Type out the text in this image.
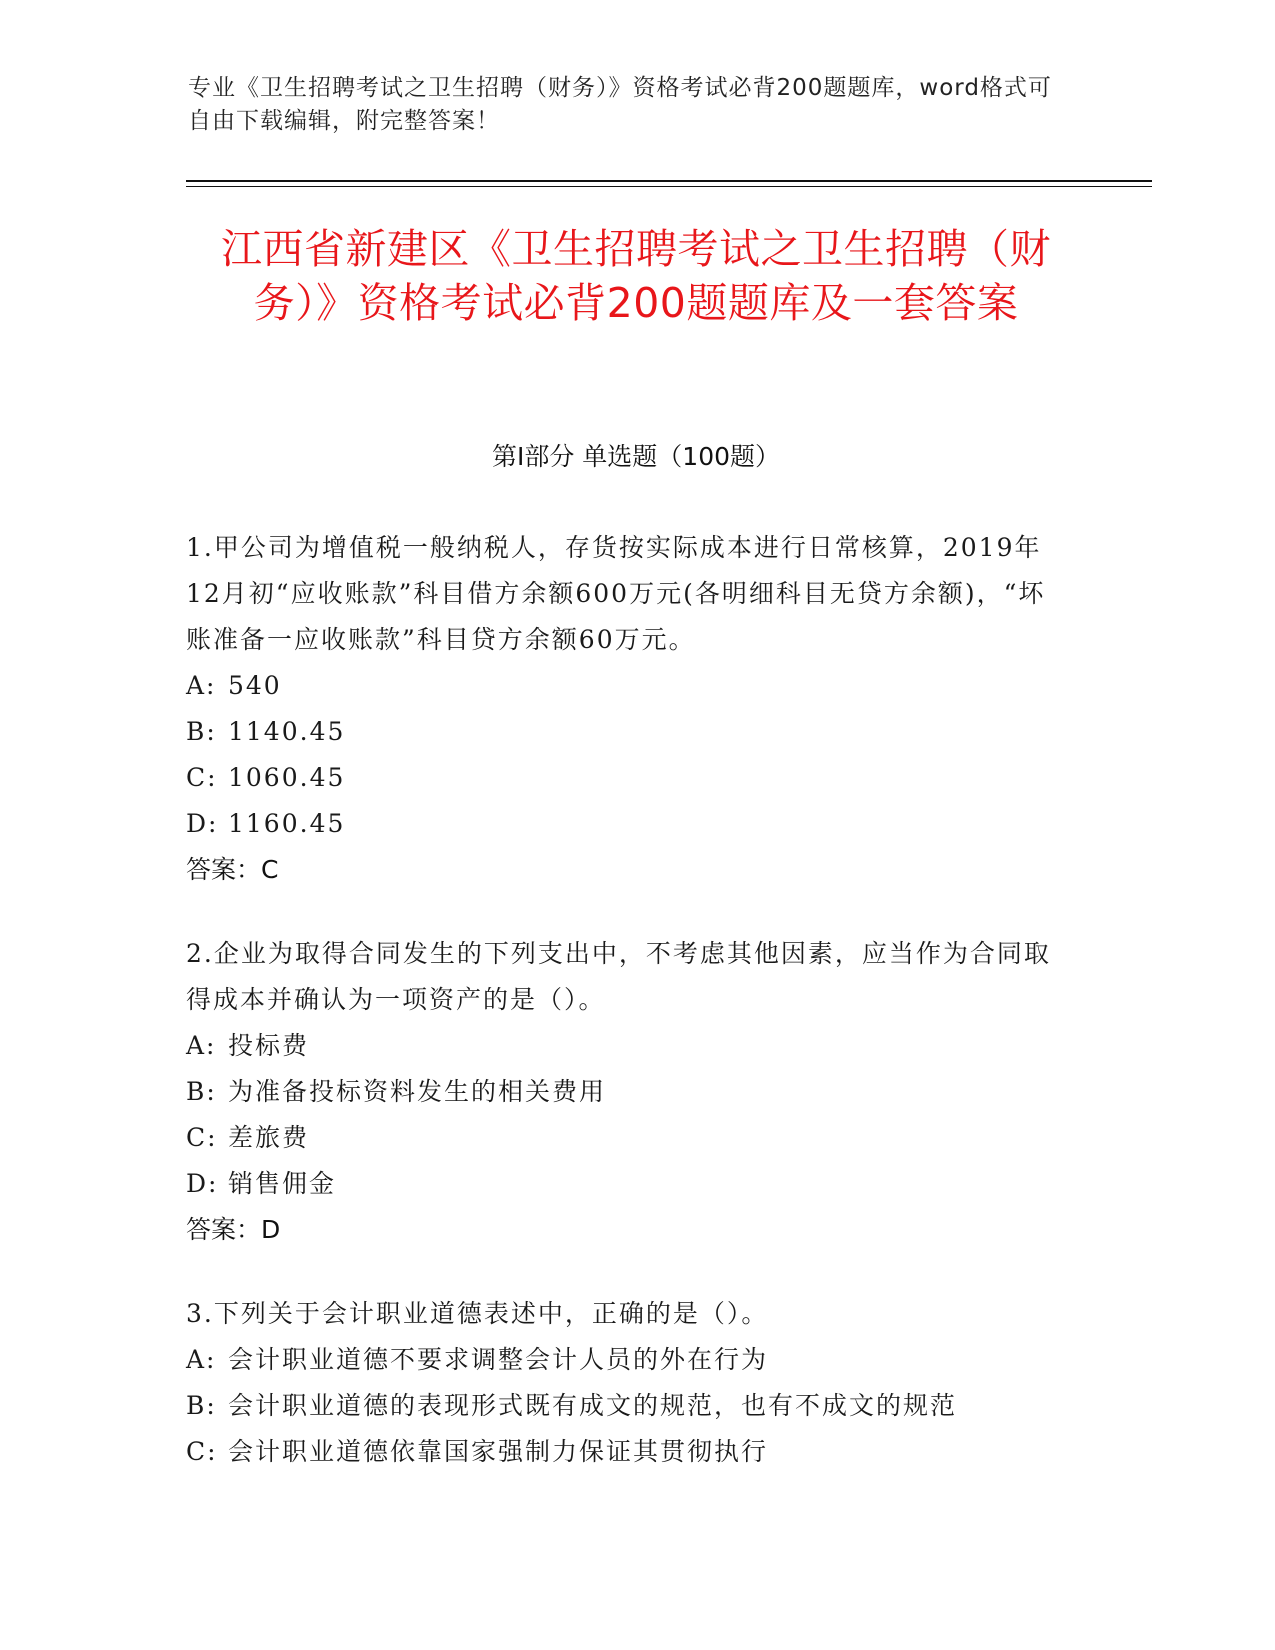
专业《卫生招聘考试之卫生招聘（财务）》资格考试必背200题题库，word格式可自由下载编辑，附完整答案！
江西省新建区《卫生招聘考试之卫生招聘（财务）》资格考试必背200题题库及一套答案
第Ⅰ部分 单选题（100题）
1.甲公司为增值税一般纳税人，存货按实际成本进行日常核算，2019年12月初“应收账款”科目借方余额600万元(各明细科目无贷方余额)，“坏账准备一应收账款”科目贷方余额60万元。
A: 540
B: 1140.45
C: 1060.45
D: 1160.45
答案：C
2.企业为取得合同发生的下列支出中，不考虑其他因素，应当作为合同取得成本并确认为一项资产的是（）。
A: 投标费
B: 为准备投标资料发生的相关费用
C: 差旅费
D: 销售佣金
答案：D
3.下列关于会计职业道德表述中，正确的是（）。
A: 会计职业道德不要求调整会计人员的外在行为
B: 会计职业道德的表现形式既有成文的规范，也有不成文的规范
C: 会计职业道德依靠国家强制力保证其贯彻执行
